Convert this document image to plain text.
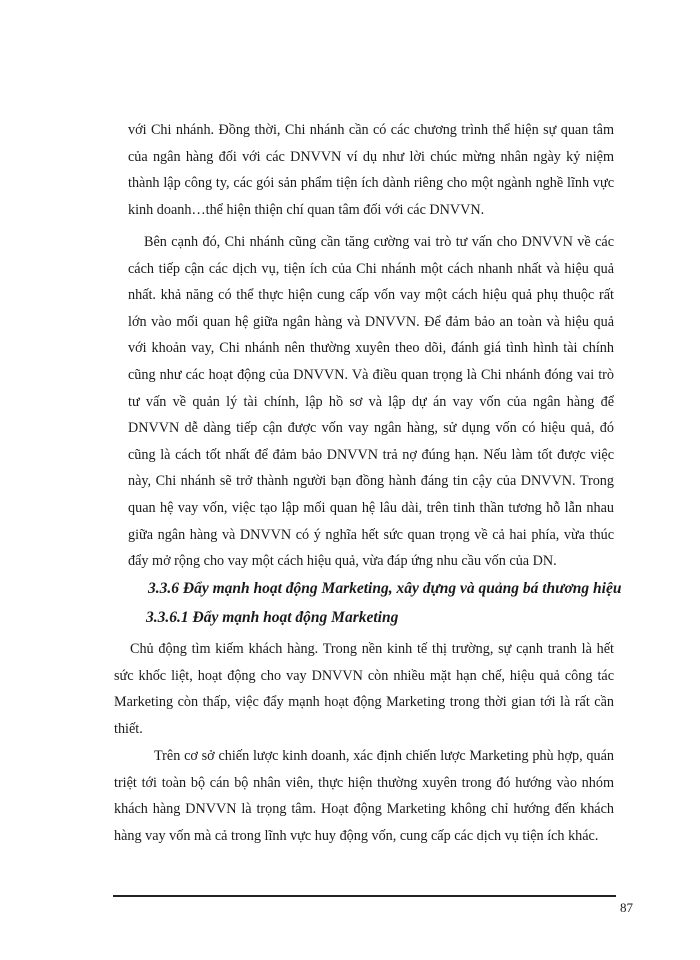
với Chi nhánh. Đồng thời, Chi nhánh cần có các chương trình thể hiện sự quan tâm của ngân hàng đối với các DNVVN ví dụ như lời chúc mừng nhân ngày kỷ niệm thành lập công ty, các gói sản phẩm tiện ích dành riêng cho một ngành nghề lĩnh vực kinh doanh…thể hiện thiện chí quan tâm đối với các DNVVN.

Bên cạnh đó, Chi nhánh cũng cần tăng cường vai trò tư vấn cho DNVVN về các cách tiếp cận các dịch vụ, tiện ích của Chi nhánh một cách nhanh nhất và hiệu quả nhất. khả năng có thể thực hiện cung cấp vốn vay một cách hiệu quả phụ thuộc rất lớn vào mối quan hệ giữa ngân hàng và DNVVN. Để đảm bảo an toàn và hiệu quả với khoản vay, Chi nhánh nên thường xuyên theo dõi, đánh giá tình hình tài chính cũng như các hoạt động của DNVVN. Và điều quan trọng là Chi nhánh đóng vai trò tư vấn về quản lý tài chính, lập hồ sơ và lập dự án vay vốn của ngân hàng để DNVVN dễ dàng tiếp cận được vốn vay ngân hàng, sử dụng vốn có hiệu quả, đó cũng là cách tốt nhất để đảm bảo DNVVN trả nợ đúng hạn. Nếu làm tốt được việc này, Chi nhánh sẽ trở thành người bạn đồng hành đáng tin cậy của DNVVN. Trong quan hệ vay vốn, việc tạo lập mối quan hệ lâu dài, trên tinh thần tương hỗ lẫn nhau giữa ngân hàng và DNVVN có ý nghĩa hết sức quan trọng về cả hai phía, vừa thúc đẩy mở rộng cho vay một cách hiệu quả, vừa đáp ứng nhu cầu vốn của DN.

3.3.6 Đẩy mạnh hoạt động Marketing, xây dựng và quảng bá thương hiệu
3.3.6.1 Đẩy mạnh hoạt động Marketing

Chủ động tìm kiếm khách hàng. Trong nền kinh tế thị trường, sự cạnh tranh là hết sức khốc liệt, hoạt động cho vay DNVVN còn nhiều mặt hạn chế, hiệu quả công tác Marketing còn thấp, việc đẩy mạnh hoạt động Marketing trong thời gian tới là rất cần thiết.

Trên cơ sở chiến lược kinh doanh, xác định chiến lược Marketing phù hợp, quán triệt tới toàn bộ cán bộ nhân viên, thực hiện thường xuyên trong đó hướng vào nhóm khách hàng DNVVN là trọng tâm. Hoạt động Marketing không chỉ hướng đến khách hàng vay vốn mà cả trong lĩnh vực huy động vốn, cung cấp các dịch vụ tiện ích khác.

87
